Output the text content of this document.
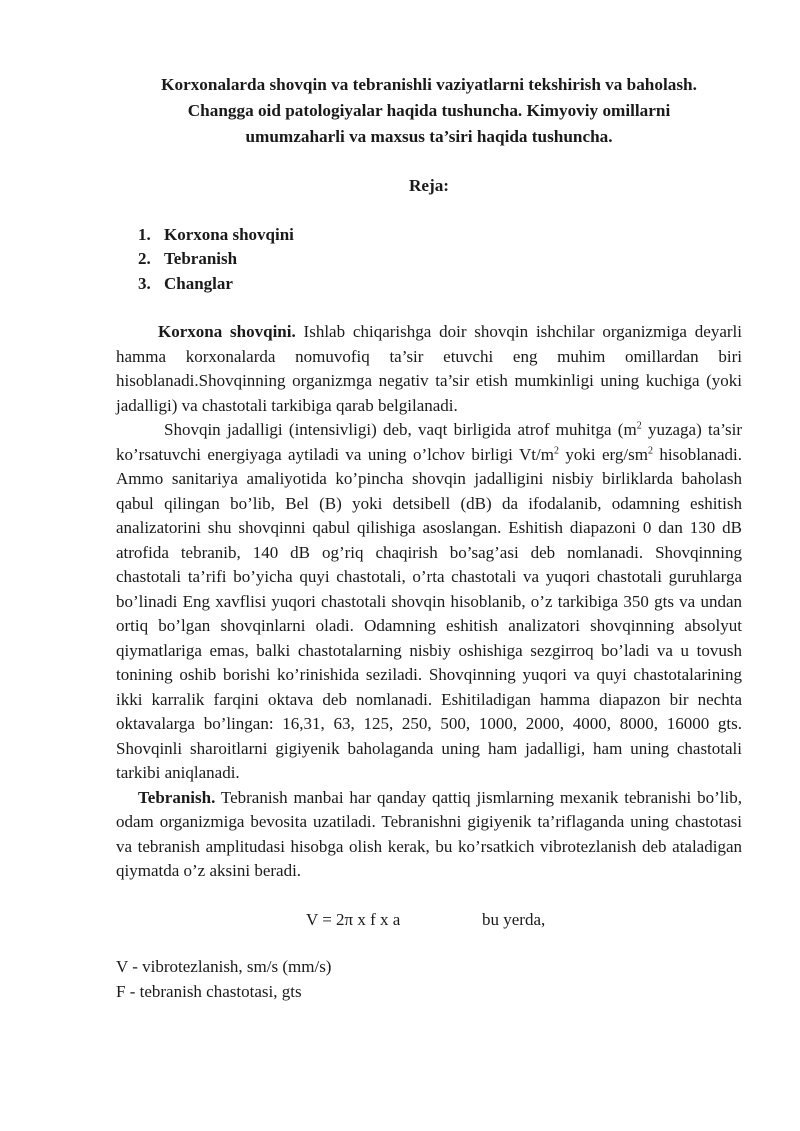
Korxonalarda shovqin va tebranishli vaziyatlarni tekshirish va baholash.
Changga oid patologiyalar haqida tushuncha. Kimyoviy omillarni
umumzaharli va maxsus ta’siri haqida tushuncha.
Reja:
1. Korxona shovqini
2. Tebranish
3. Changlar

Korxona shovqini. Ishlab chiqarishga doir shovqin ishchilar organizmiga deyarli hamma korxonalarda nomuvofiq ta’sir etuvchi eng muhim omillardan biri hisoblanadi.Shovqinning organizmga negativ ta’sir etish mumkinligi uning kuchiga (yoki jadalligi) va chastotali tarkibiga qarab belgilanadi.

Shovqin jadalligi (intensivligi) deb, vaqt birligida atrof muhitga ($m^2$ yuzaga) ta’sir ko’rsatuvchi energiyaga aytiladi va uning o’lchov birligi $Vt/m^2$ yoki erg/$sm^2$ hisoblanadi. Ammo sanitariya amaliyotida ko’pincha shovqin jadalligini nisbiy birliklarda baholash qabul qilingan bo’lib, Bel (B) yoki detsibell (dB) da ifodalanib, odamning eshitish analizatorini shu shovqinni qabul qilishiga asoslangan. Eshitish diapazoni 0 dan 130 dB atrofida tebranib, 140 dB og’riq chaqirish bo’sag’asi deb nomlanadi. Shovqinning chastotali ta’rifi bo’yicha quyi chastotali, o’rta chastotali va yuqori chastotali guruhlarga bo’linadi Eng xavflisi yuqori chastotali shovqin hisoblanib, o’z tarkibiga 350 gts va undan ortiq bo’lgan shovqinlarni oladi. Odamning eshitish analizatori shovqinning absolyut qiymatlariga emas, balki chastotalarning nisbiy oshishiga sezgirroq bo’ladi va u tovush tonining oshib borishi ko’rinishida seziladi. Shovqinning yuqori va quyi chastotalarining ikki karralik farqini oktava deb nomlanadi. Eshitiladigan hamma diapazon bir nechta oktavalarga bo’lingan: 16,31, 63, 125, 250, 500, 1000, 2000, 4000, 8000, 16000 gts. Shovqinli sharoitlarni gigiyenik baholaganda uning ham jadalligi, ham uning chastotali tarkibi aniqlanadi.

Tebranish. Tebranish manbai har qanday qattiq jismlarning mexanik tebranishi bo’lib, odam organizmiga bevosita uzatiladi. Tebranishni gigiyenik ta’riflaganda uning chastotasi va tebranish amplitudasi hisobga olish kerak, bu ko’rsatkich vibrotezlanish deb ataladigan qiymatda o’z aksini beradi.

V = 2π x f x a	bu yerda,
V - vibrotezlanish, sm/s (mm/s)
F - tebranish chastotasi, gts
